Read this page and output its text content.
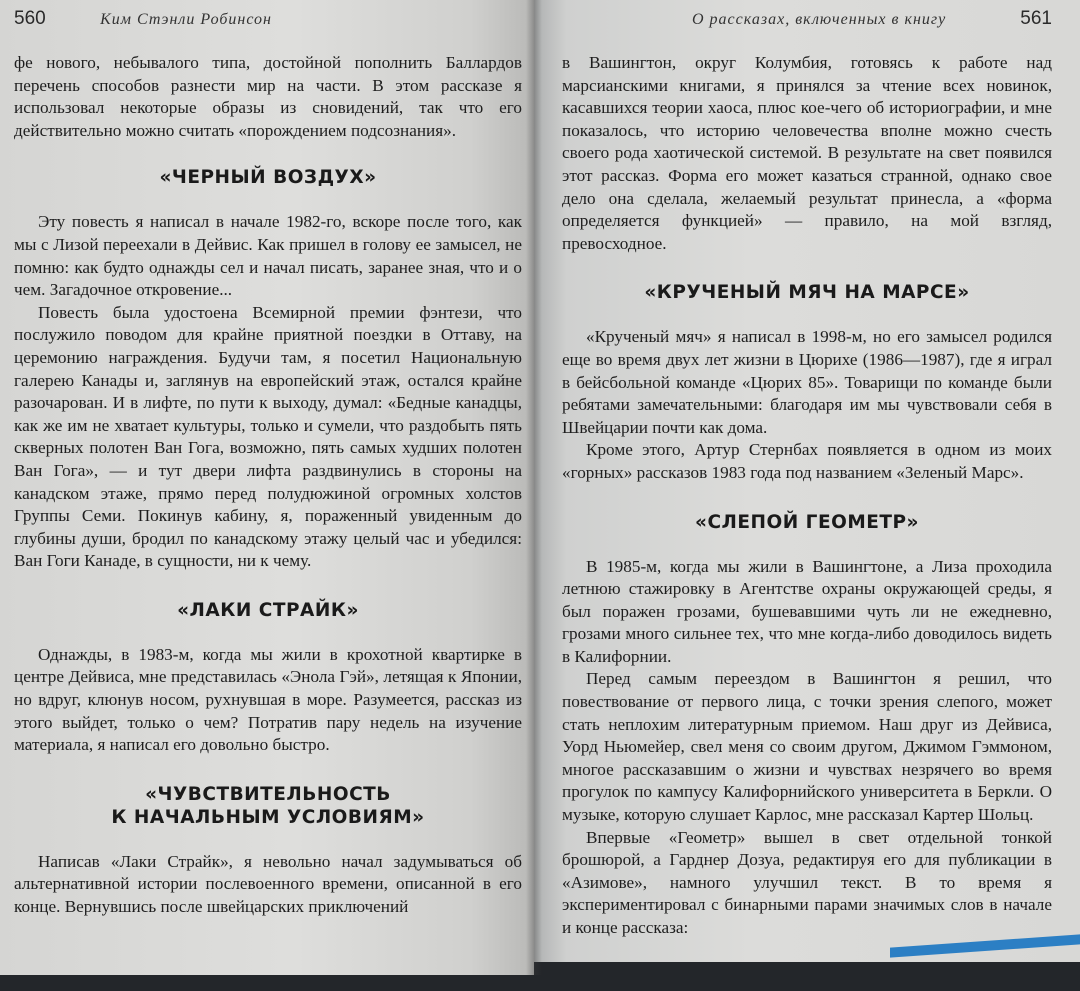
560	Ким Стэнли Робинсон

фе нового, небывалого типа, достойной пополнить Баллардов перечень способов разнести мир на части. В этом рассказе я использовал некоторые образы из сновидений, так что его действительно можно считать «порождением подсознания».

«ЧЕРНЫЙ ВОЗДУХ»

Эту повесть я написал в начале 1982-го, вскоре после того, как мы с Лизой переехали в Дейвис. Как пришел в голову ее замысел, не помню: как будто однажды сел и начал писать, заранее зная, что и о чем. Загадочное откровение...

Повесть была удостоена Всемирной премии фэнтези, что послужило поводом для крайне приятной поездки в Оттаву, на церемонию награждения. Будучи там, я посетил Национальную галерею Канады и, заглянув на европейский этаж, остался крайне разочарован. И в лифте, по пути к выходу, думал: «Бедные канадцы, как же им не хватает культуры, только и сумели, что раздобыть пять скверных полотен Ван Гога, возможно, пять самых худших полотен Ван Гога», — и тут двери лифта раздвинулись в стороны на канадском этаже, прямо перед полудюжиной огромных холстов Группы Семи. Покинув кабину, я, пораженный увиденным до глубины души, бродил по канадскому этажу целый час и убедился: Ван Гоги Канаде, в сущности, ни к чему.

«ЛАКИ СТРАЙК»

Однажды, в 1983-м, когда мы жили в крохотной квартирке в центре Дейвиса, мне представилась «Энола Гэй», летящая к Японии, но вдруг, клюнув носом, рухнувшая в море. Разумеется, рассказ из этого выйдет, только о чем? Потратив пару недель на изучение материала, я написал его довольно быстро.

«ЧУВСТВИТЕЛЬНОСТЬ
К НАЧАЛЬНЫМ УСЛОВИЯМ»

Написав «Лаки Страйк», я невольно начал задумываться об альтернативной истории послевоенного времени, описанной в его конце. Вернувшись после швейцарских приключений

О рассказах, включенных в книгу	561

в Вашингтон, округ Колумбия, готовясь к работе над марсианскими книгами, я принялся за чтение всех новинок, касавшихся теории хаоса, плюс кое-чего об историографии, и мне показалось, что историю человечества вполне можно счесть своего рода хаотической системой. В результате на свет появился этот рассказ. Форма его может казаться странной, однако свое дело она сделала, желаемый результат принесла, а «форма определяется функцией» — правило, на мой взгляд, превосходное.

«КРУЧЕНЫЙ МЯЧ НА МАРСЕ»

«Крученый мяч» я написал в 1998-м, но его замысел родился еще во время двух лет жизни в Цюрихе (1986—1987), где я играл в бейсбольной команде «Цюрих 85». Товарищи по команде были ребятами замечательными: благодаря им мы чувствовали себя в Швейцарии почти как дома.

Кроме этого, Артур Стернбах появляется в одном из моих «горных» рассказов 1983 года под названием «Зеленый Марс».

«СЛЕПОЙ ГЕОМЕТР»

В 1985-м, когда мы жили в Вашингтоне, а Лиза проходила летнюю стажировку в Агентстве охраны окружающей среды, я был поражен грозами, бушевавшими чуть ли не ежедневно, грозами много сильнее тех, что мне когда-либо доводилось видеть в Калифорнии.

Перед самым переездом в Вашингтон я решил, что повествование от первого лица, с точки зрения слепого, может стать неплохим литературным приемом. Наш друг из Дейвиса, Уорд Ньюмейер, свел меня со своим другом, Джимом Гэммоном, многое рассказавшим о жизни и чувствах незрячего во время прогулок по кампусу Калифорнийского университета в Беркли. О музыке, которую слушает Карлос, мне рассказал Картер Шольц.

Впервые «Геометр» вышел в свет отдельной тонкой брошюрой, а Гарднер Дозуа, редактируя его для публикации в «Азимове», намного улучшил текст. В то время я экспериментировал с бинарными парами значимых слов в начале и конце рассказа:
